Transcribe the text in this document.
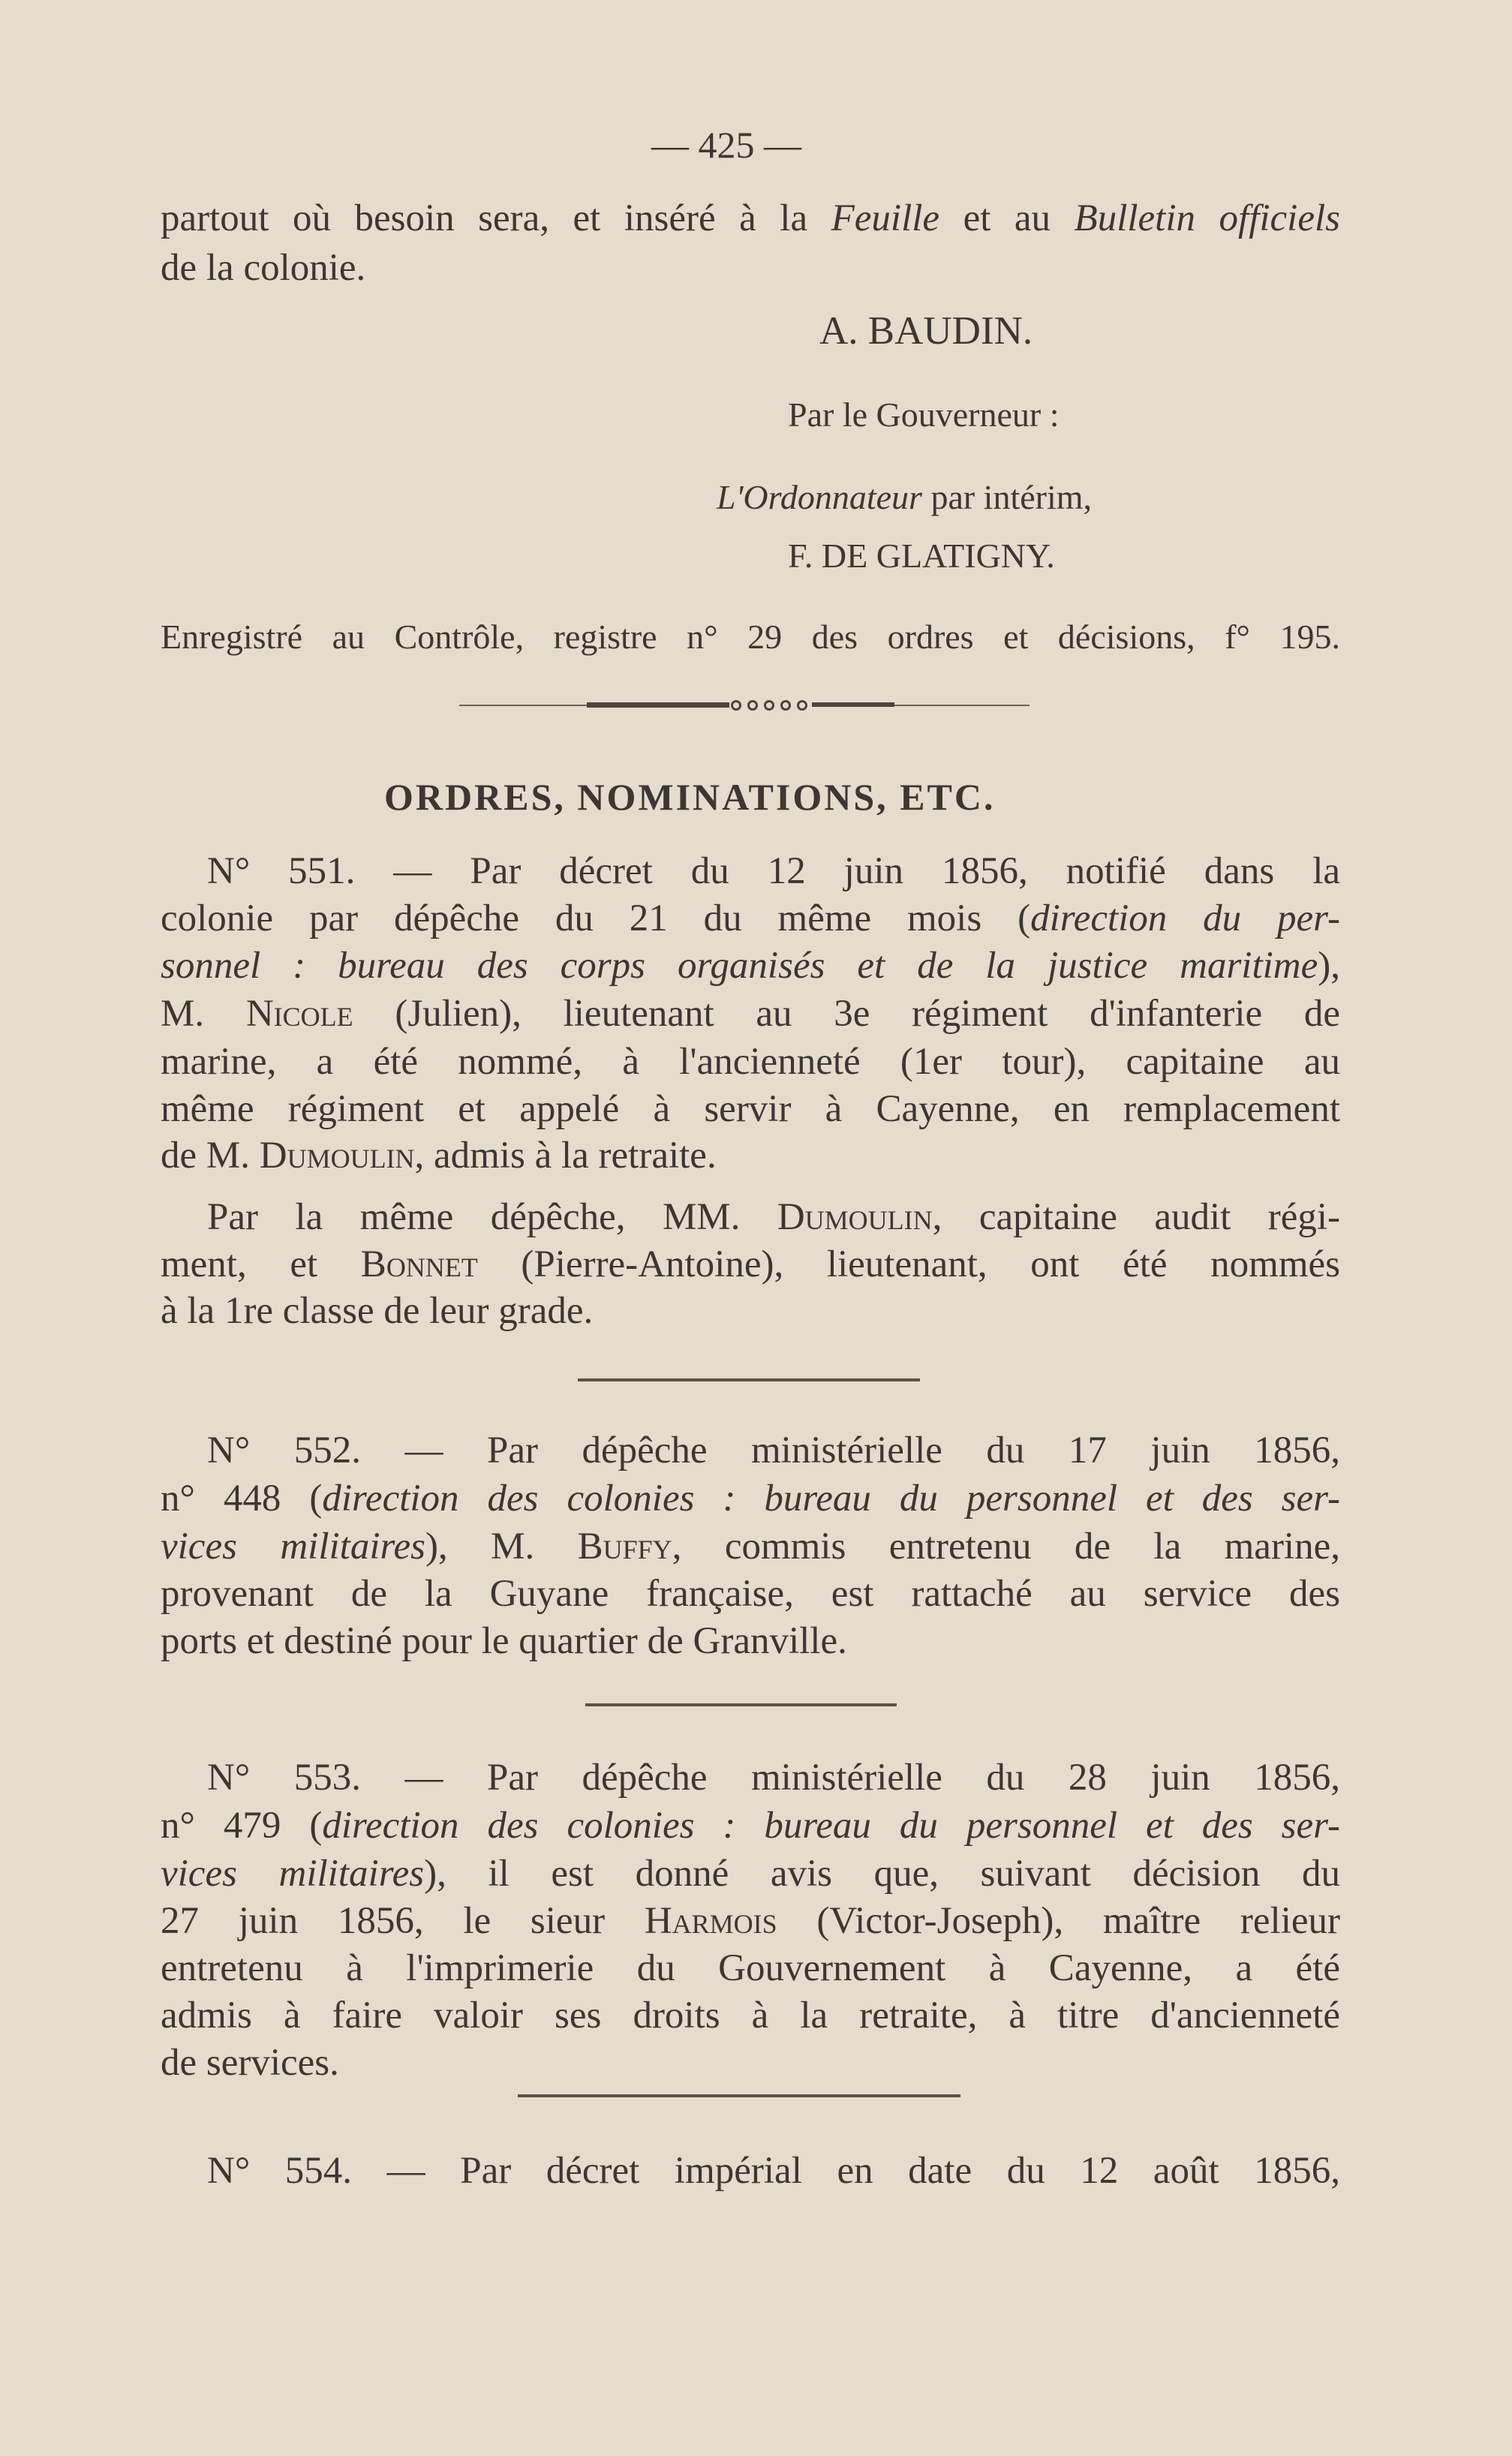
— 425 —
partout où besoin sera, et inséré à la Feuille et au Bulletin officiels
de la colonie.
A. BAUDIN.
Par le Gouverneur :
L'Ordonnateur par intérim,
F. DE GLATIGNY.
Enregistré au Contrôle, registre n° 29 des ordres et décisions, f° 195.
ORDRES, NOMINATIONS, ETC.
N° 551. — Par décret du 12 juin 1856, notifié dans la
colonie par dépêche du 21 du même mois (direction du per-
sonnel : bureau des corps organisés et de la justice maritime),
M. Nicole (Julien), lieutenant au 3e régiment d'infanterie de
marine, a été nommé, à l'ancienneté (1er tour), capitaine au
même régiment et appelé à servir à Cayenne, en remplacement
de M. Dumoulin, admis à la retraite.
Par la même dépêche, MM. Dumoulin, capitaine audit régi-
ment, et Bonnet (Pierre-Antoine), lieutenant, ont été nommés
à la 1re classe de leur grade.
N° 552. — Par dépêche ministérielle du 17 juin 1856,
n° 448 (direction des colonies : bureau du personnel et des ser-
vices militaires), M. Buffy, commis entretenu de la marine,
provenant de la Guyane française, est rattaché au service des
ports et destiné pour le quartier de Granville.
N° 553. — Par dépêche ministérielle du 28 juin 1856,
n° 479 (direction des colonies : bureau du personnel et des ser-
vices militaires), il est donné avis que, suivant décision du
27 juin 1856, le sieur Harmois (Victor-Joseph), maître relieur
entretenu à l'imprimerie du Gouvernement à Cayenne, a été
admis à faire valoir ses droits à la retraite, à titre d'ancienneté
de services.
N° 554. — Par décret impérial en date du 12 août 1856,
